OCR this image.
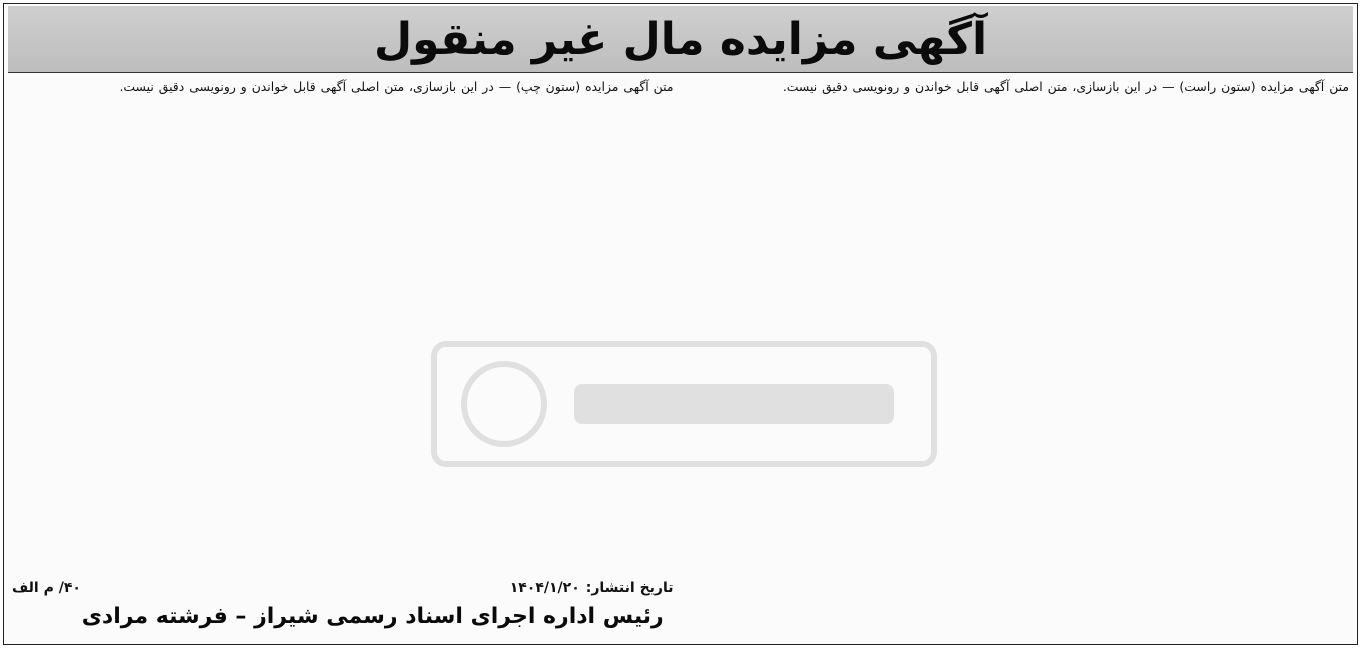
آگهی مزایده مال غیر منقول

متن آگهی مزایده (ستون راست) — در این بازسازی، متن اصلی آگهی قابل خواندن و رونویسی دقیق نیست.

متن آگهی مزایده (ستون چپ) — در این بازسازی، متن اصلی آگهی قابل خواندن و رونویسی دقیق نیست.

تاریخ انتشار:
۱۴۰۴/۱/۲۰
۴۰/ م الف
رئیس اداره اجرای اسناد رسمی شیراز – فرشته مرادی
